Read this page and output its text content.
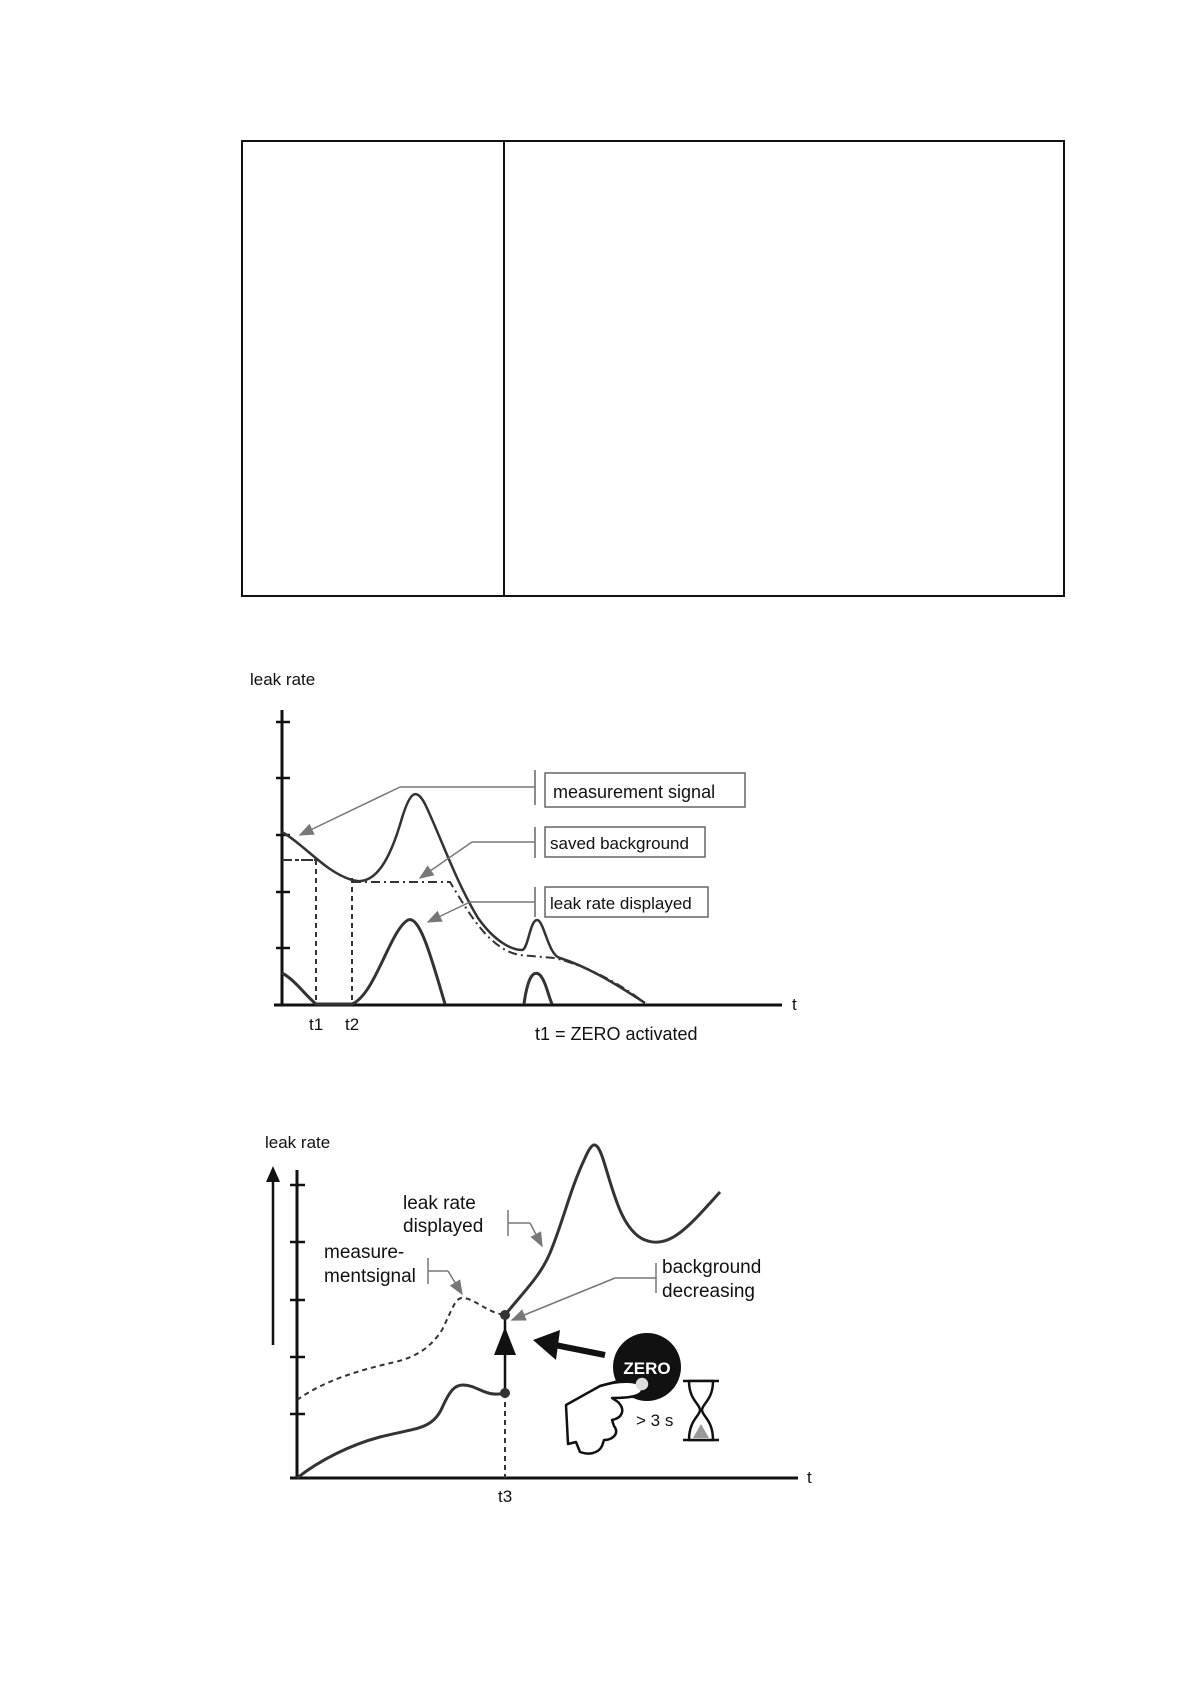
leak rate
t
t1 t2
measurement signal
saved background
leak rate displayed
t1 = ZERO activated
leak rate
t
t3
leak rate
displayed
measure-
mentsignal	background
decreasing
ZERO
> 3 s
